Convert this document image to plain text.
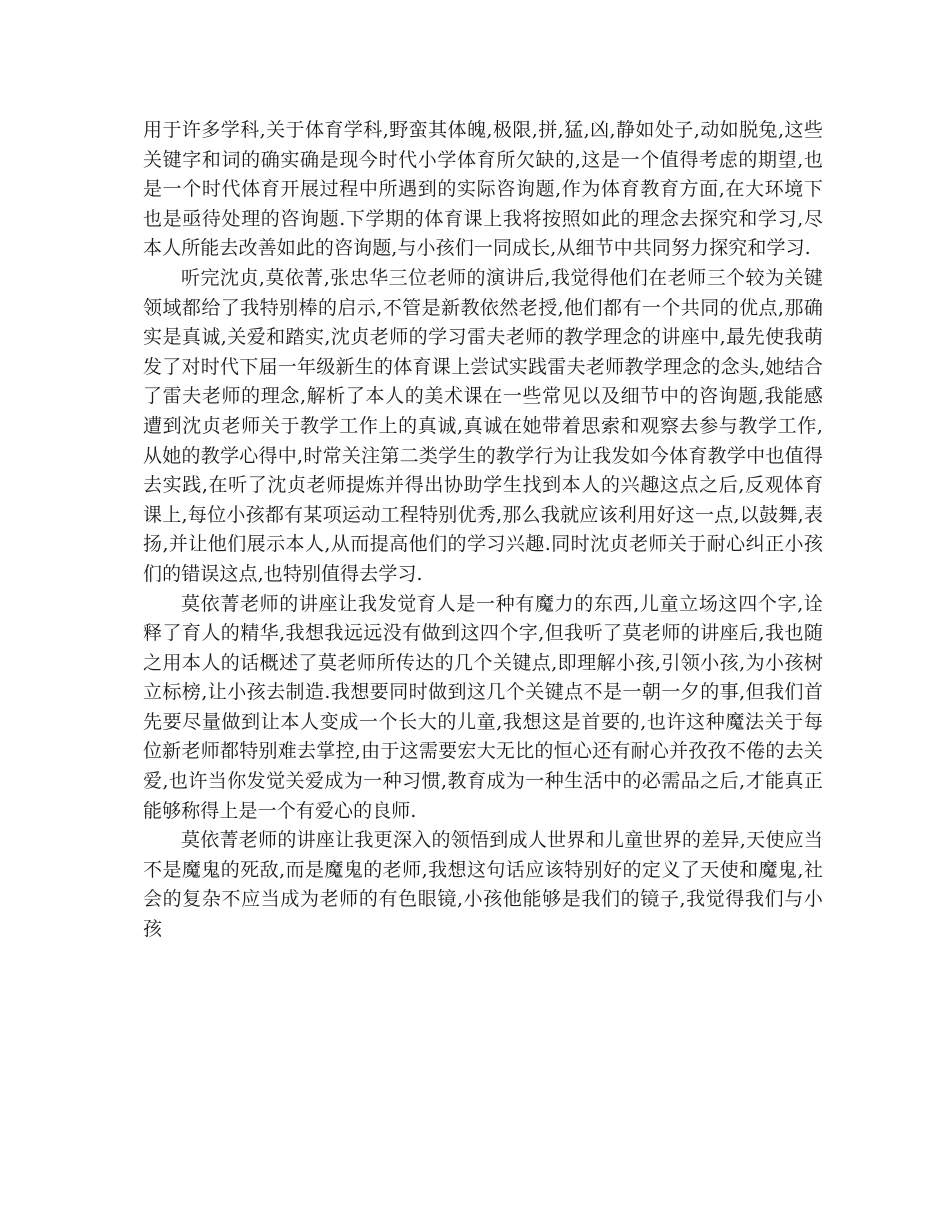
用于许多学科,关于体育学科,野蛮其体魄,极限,拼,猛,凶,静如处子,动如脱兔,这些关键字和词的确实确是现今时代小学体育所欠缺的,这是一个值得考虑的期望,也是一个时代体育开展过程中所遇到的实际咨询题,作为体育教育方面,在大环境下也是亟待处理的咨询题.下学期的体育课上我将按照如此的理念去探究和学习,尽本人所能去改善如此的咨询题,与小孩们一同成长,从细节中共同努力探究和学习.

听完沈贞,莫依菁,张忠华三位老师的演讲后,我觉得他们在老师三个较为关键领域都给了我特别棒的启示,不管是新教依然老授,他们都有一个共同的优点,那确实是真诚,关爱和踏实,沈贞老师的学习雷夫老师的教学理念的讲座中,最先使我萌发了对时代下届一年级新生的体育课上尝试实践雷夫老师教学理念的念头,她结合了雷夫老师的理念,解析了本人的美术课在一些常见以及细节中的咨询题,我能感遭到沈贞老师关于教学工作上的真诚,真诚在她带着思索和观察去参与教学工作, 从她的教学心得中,时常关注第二类学生的教学行为让我发如今体育教学中也值得去实践,在听了沈贞老师提炼并得出协助学生找到本人的兴趣这点之后,反观体育课上,每位小孩都有某项运动工程特别优秀,那么我就应该利用好这一点,以鼓舞,表扬,并让他们展示本人,从而提高他们的学习兴趣.同时沈贞老师关于耐心纠正小孩们的错误这点,也特别值得去学习.

莫依菁老师的讲座让我发觉育人是一种有魔力的东西,儿童立场这四个字,诠释了育人的精华,我想我远远没有做到这四个字,但我听了莫老师的讲座后,我也随之用本人的话概述了莫老师所传达的几个关键点,即理解小孩,引领小孩,为小孩树立标榜,让小孩去制造.我想要同时做到这几个关键点不是一朝一夕的事,但我们首先要尽量做到让本人变成一个长大的儿童,我想这是首要的,也许这种魔法关于每位新老师都特别难去掌控,由于这需要宏大无比的恒心还有耐心并孜孜不倦的去关爱,也许当你发觉关爱成为一种习惯,教育成为一种生活中的必需品之后,才能真正能够称得上是一个有爱心的良师.

莫依菁老师的讲座让我更深入的领悟到成人世界和儿童世界的差异,天使应当不是魔鬼的死敌,而是魔鬼的老师,我想这句话应该特别好的定义了天使和魔鬼,社会的复杂不应当成为老师的有色眼镜,小孩他能够是我们的镜子,我觉得我们与小孩
